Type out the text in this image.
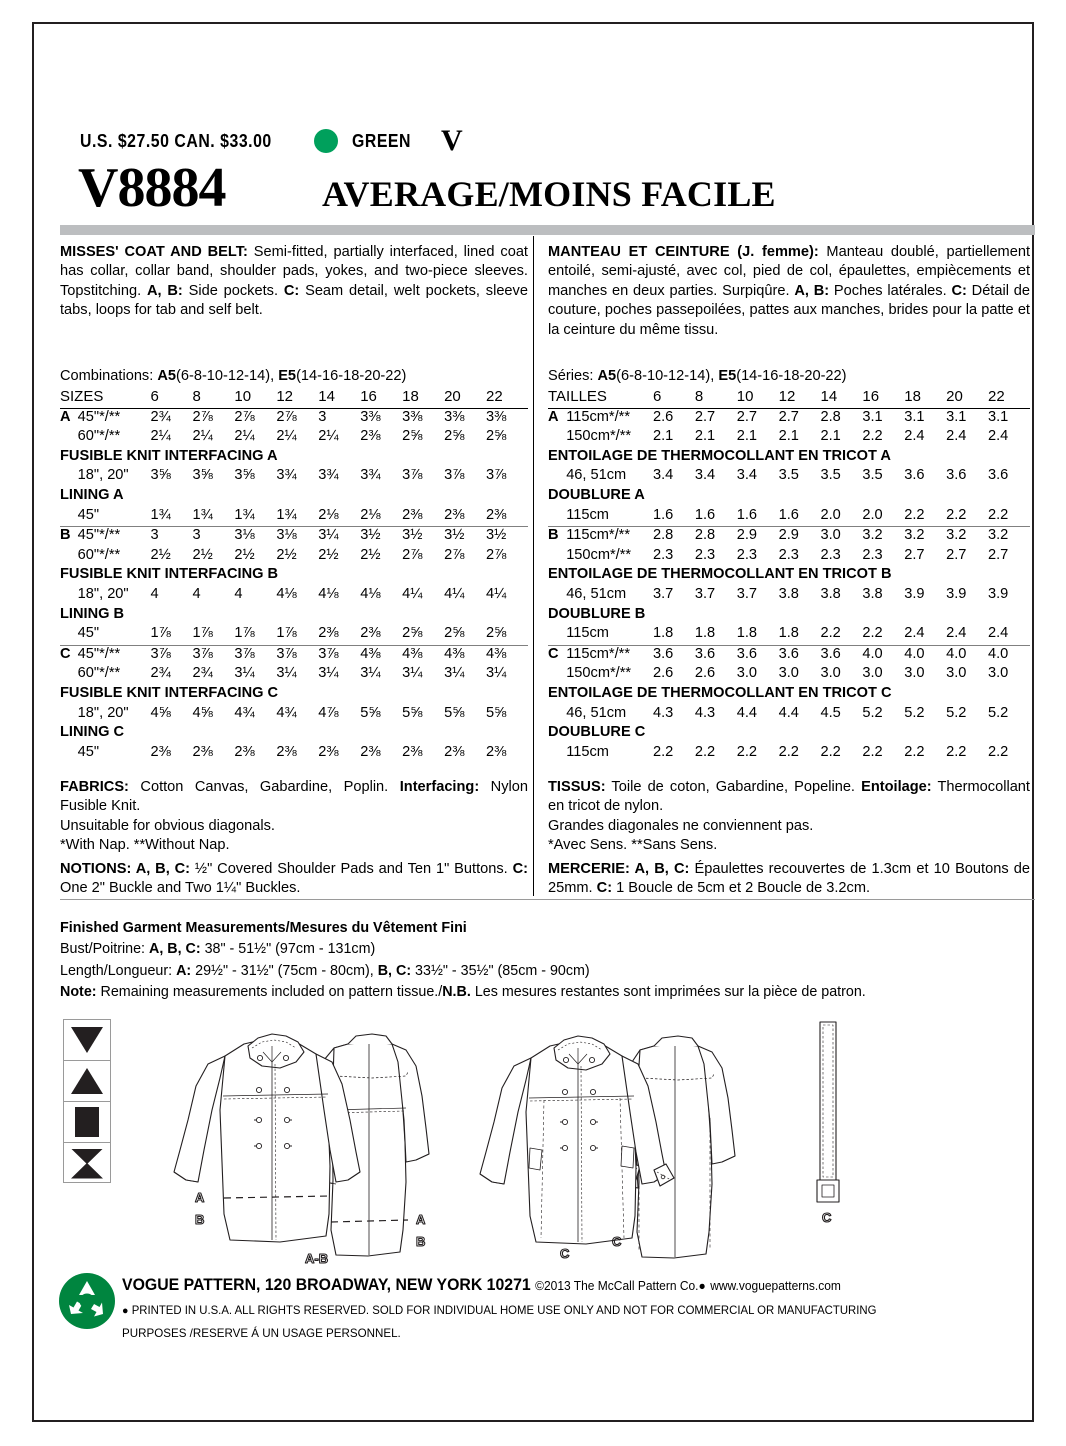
U.S. $27.50 CAN. $33.00	GREEN V
V8884	AVERAGE/MOINS FACILE
MISSES' COAT AND BELT: Semi-fitted, partially interfaced, lined coat has collar, collar band, shoulder pads, yokes, and two-piece sleeves. Topstitching. A, B: Side pockets. C: Seam detail, welt pockets, sleeve tabs, loops for tab and self belt.
MANTEAU ET CEINTURE (J. femme): Manteau doublé, partiellement entoilé, semi-ajusté, avec col, pied de col, épaulettes, empiècements et manches en deux parties. Surpiqûre. A, B: Poches latérales. C: Détail de couture, poches passepoilées, pattes aux manches, brides pour la patte et la ceinture du même tissu.
Combinations: A5(6-8-10-12-14), E5(14-16-18-20-22)	Séries: A5(6-8-10-12-14), E5(14-16-18-20-22)
SIZES		6	8	10	12	14	16	18	20	22
A	45"*/**	2¾	2⅞	2⅞	2⅞	3	3⅜	3⅜	3⅜	3⅜
	60"*/**	2¼	2¼	2¼	2¼	2¼	2⅜	2⅝	2⅝	2⅝
FUSIBLE KNIT INTERFACING A										
	18", 20"	3⅝	3⅝	3⅝	3¾	3¾	3¾	3⅞	3⅞	3⅞
LINING A										
	45"	1¾	1¾	1¾	1¾	2⅛	2⅛	2⅜	2⅜	2⅜
B	45"*/**	3	3	3⅛	3⅛	3¼	3½	3½	3½	3½
	60"*/**	2½	2½	2½	2½	2½	2½	2⅞	2⅞	2⅞
FUSIBLE KNIT INTERFACING B										
	18", 20"	4	4	4	4⅛	4⅛	4⅛	4¼	4¼	4¼
LINING B										
	45"	1⅞	1⅞	1⅞	1⅞	2⅜	2⅜	2⅝	2⅝	2⅝
C	45"*/**	3⅞	3⅞	3⅞	3⅞	3⅞	4⅜	4⅜	4⅜	4⅜
	60"*/**	2¾	2¾	3¼	3¼	3¼	3¼	3¼	3¼	3¼
FUSIBLE KNIT INTERFACING C										
	18", 20"	4⅝	4⅝	4¾	4¾	4⅞	5⅝	5⅝	5⅝	5⅝
LINING C										
	45"	2⅜	2⅜	2⅜	2⅜	2⅜	2⅜	2⅜	2⅜	2⅜
TAILLES		6	8	10	12	14	16	18	20	22
A	115cm*/**	2.6	2.7	2.7	2.7	2.8	3.1	3.1	3.1	3.1
	150cm*/**	2.1	2.1	2.1	2.1	2.1	2.2	2.4	2.4	2.4
ENTOILAGE DE THERMOCOLLANT EN TRICOT A										
	46, 51cm	3.4	3.4	3.4	3.5	3.5	3.5	3.6	3.6	3.6
DOUBLURE A										
	115cm	1.6	1.6	1.6	1.6	2.0	2.0	2.2	2.2	2.2
B	115cm*/**	2.8	2.8	2.9	2.9	3.0	3.2	3.2	3.2	3.2
	150cm*/**	2.3	2.3	2.3	2.3	2.3	2.3	2.7	2.7	2.7
ENTOILAGE DE THERMOCOLLANT EN TRICOT B										
	46, 51cm	3.7	3.7	3.7	3.8	3.8	3.8	3.9	3.9	3.9
DOUBLURE B										
	115cm	1.8	1.8	1.8	1.8	2.2	2.2	2.4	2.4	2.4
C	115cm*/**	3.6	3.6	3.6	3.6	3.6	4.0	4.0	4.0	4.0
	150cm*/**	2.6	2.6	3.0	3.0	3.0	3.0	3.0	3.0	3.0
ENTOILAGE DE THERMOCOLLANT EN TRICOT C										
	46, 51cm	4.3	4.3	4.4	4.4	4.5	5.2	5.2	5.2	5.2
DOUBLURE C										
	115cm	2.2	2.2	2.2	2.2	2.2	2.2	2.2	2.2	2.2
FABRICS: Cotton Canvas, Gabardine, Poplin. Interfacing: Nylon Fusible Knit.
Unsuitable for obvious diagonals.
*With Nap. **Without Nap.
TISSUS: Toile de coton, Gabardine, Popeline. Entoilage: Thermocollant en tricot de nylon.
Grandes diagonales ne conviennent pas.
*Avec Sens. **Sans Sens.
NOTIONS: A, B, C: ½" Covered Shoulder Pads and Ten 1" Buttons. C: One 2" Buckle and Two 1¼" Buckles.
MERCERIE: A, B, C: Épaulettes recouvertes de 1.3cm et 10 Boutons de 25mm. C: 1 Boucle de 5cm et 2 Boucle de 3.2cm.
Finished Garment Measurements/Mesures du Vêtement Fini
Bust/Poitrine: A, B, C: 38" - 51½" (97cm - 131cm)
Length/Longueur: A: 29½" - 31½" (75cm - 80cm), B, C: 33½" - 35½" (85cm - 90cm)
Note: Remaining measurements included on pattern tissue./N.B. Les mesures restantes sont imprimées sur la pièce de patron.
A
B	A
B
A-B	C
C
C
VOGUE PATTERN, 120 BROADWAY, NEW YORK 10271 ©2013 The McCall Pattern Co.● www.voguepatterns.com
● PRINTED IN U.S.A. ALL RIGHTS RESERVED. SOLD FOR INDIVIDUAL HOME USE ONLY AND NOT FOR COMMERCIAL OR MANUFACTURING
PURPOSES /RESERVE Á UN USAGE PERSONNEL.
